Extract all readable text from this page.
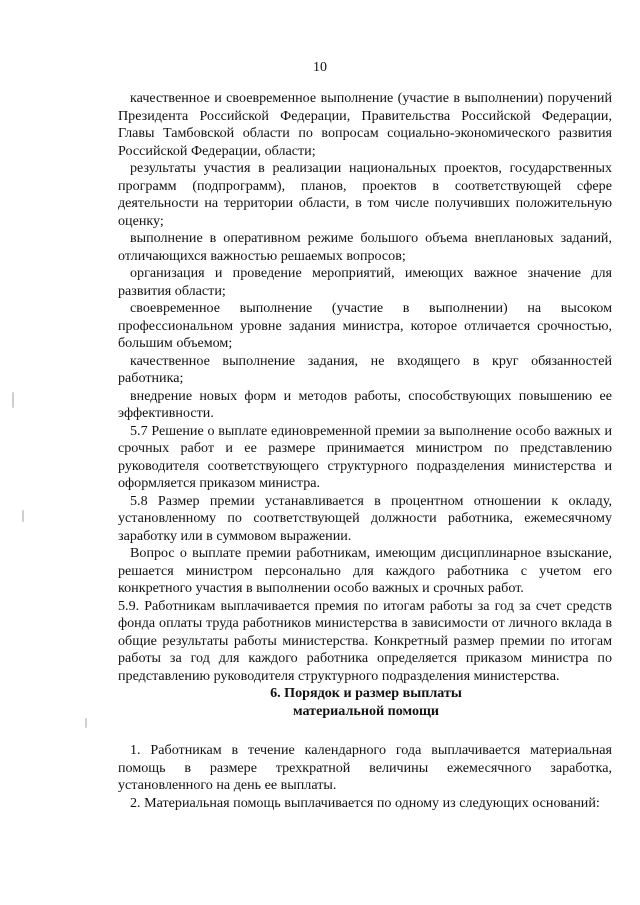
10

качественное и своевременное выполнение (участие в выполнении) поручений Президента Российской Федерации, Правительства Российской Федерации, Главы Тамбовской области по вопросам социально-экономического развития Российской Федерации, области;

результаты участия в реализации национальных проектов, государственных программ (подпрограмм), планов, проектов в соответствующей сфере деятельности на территории области, в том числе получивших положительную оценку;

выполнение в оперативном режиме большого объема внеплановых заданий, отличающихся важностью решаемых вопросов;

организация и проведение мероприятий, имеющих важное значение для развития области;

своевременное выполнение (участие в выполнении) на высоком профессиональном уровне задания министра, которое отличается срочностью, большим объемом;

качественное выполнение задания, не входящего в круг обязанностей работника;

внедрение новых форм и методов работы, способствующих повышению ее эффективности.

5.7 Решение о выплате единовременной премии за выполнение особо важных и срочных работ и ее размере принимается министром по представлению руководителя соответствующего структурного подразделения министерства и оформляется приказом министра.

5.8 Размер премии устанавливается в процентном отношении к окладу, установленному по соответствующей должности работника, ежемесячному заработку или в суммовом выражении.

Вопрос о выплате премии работникам, имеющим дисциплинарное взыскание, решается министром персонально для каждого работника с учетом его конкретного участия в выполнении особо важных и срочных работ.

5.9. Работникам выплачивается премия по итогам работы за год за счет средств фонда оплаты труда работников министерства в зависимости от личного вклада в общие результаты работы министерства. Конкретный размер премии по итогам работы за год для каждого работника определяется приказом министра по представлению руководителя структурного подразделения министерства.

6. Порядок и размер выплаты
материальной помощи

1. Работникам в течение календарного года выплачивается материальная помощь в размере трехкратной величины ежемесячного заработка, установленного на день ее выплаты.

2. Материальная помощь выплачивается по одному из следующих оснований:
